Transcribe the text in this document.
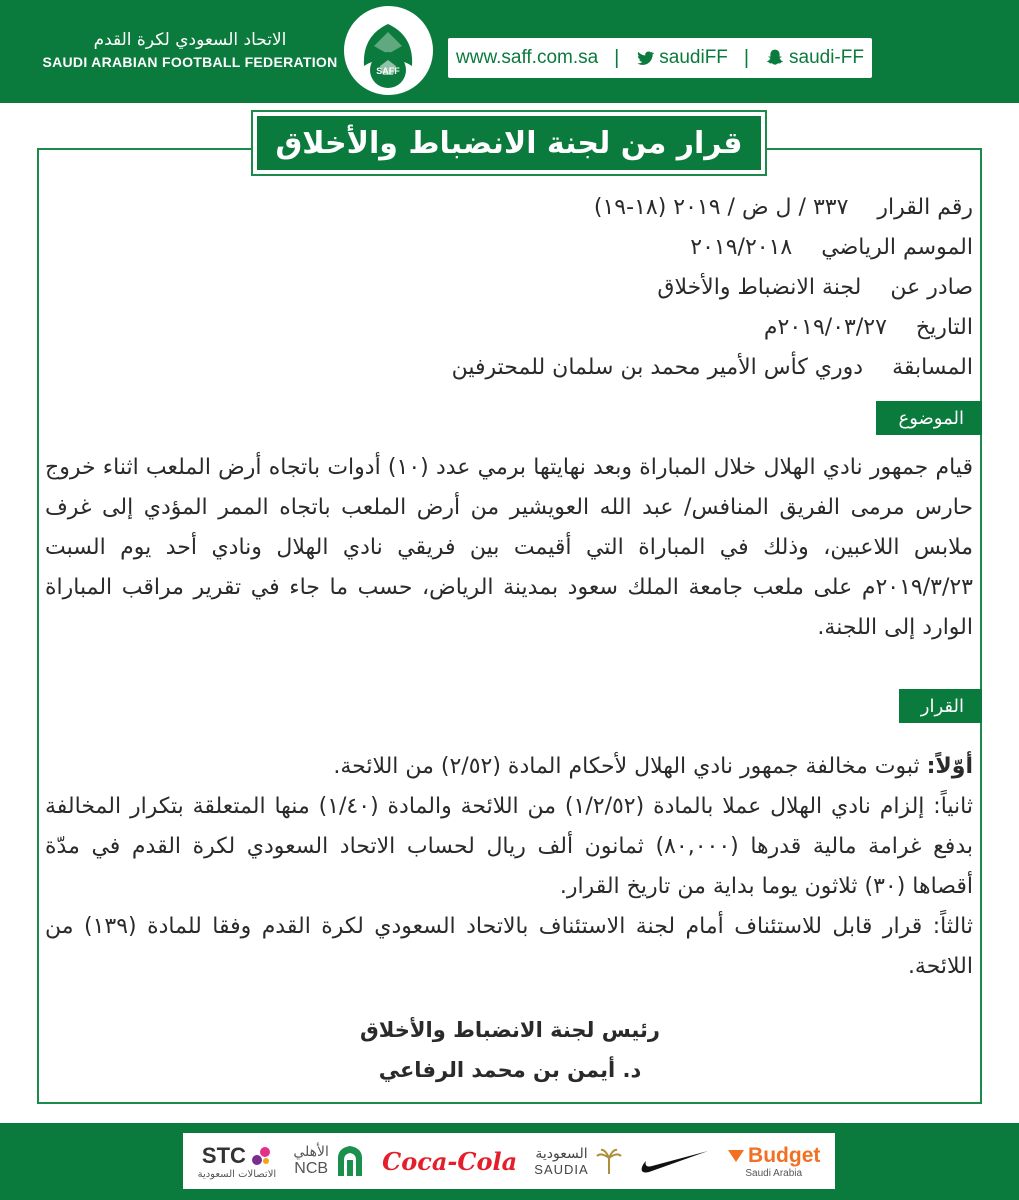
الاتحاد السعودي لكرة القدم
SAUDI ARABIAN FOOTBALL FEDERATION
SAFF
www.saff.com.sa | saudiFF | saudi-FF
قرار من لجنة الانضباط والأخلاق
رقم القرار ٣٣٧ / ل ض / ٢٠١٩ (١٨-١٩)
الموسم الرياضي ٢٠١٩/٢٠١٨
صادر عن لجنة الانضباط والأخلاق
التاريخ ٢٠١٩/٠٣/٢٧م
المسابقة دوري كأس الأمير محمد بن سلمان للمحترفين
الموضوع
قيام جمهور نادي الهلال خلال المباراة وبعد نهايتها برمي عدد (١٠) أدوات باتجاه أرض الملعب اثناء خروج حارس مرمى الفريق المنافس/ عبد الله العويشير من أرض الملعب باتجاه الممر المؤدي إلى غرف ملابس اللاعبين، وذلك في المباراة التي أقيمت بين فريقي نادي الهلال ونادي أحد يوم السبت ٢٠١٩/٣/٢٣م على ملعب جامعة الملك سعود بمدينة الرياض، حسب ما جاء في تقرير مراقب المباراة الوارد إلى اللجنة.
القرار

أوّلاً: ثبوت مخالفة جمهور نادي الهلال لأحكام المادة (٢/٥٢) من اللائحة.

ثانياً: إلزام نادي الهلال عملا بالمادة (١/٢/٥٢) من اللائحة والمادة (١/٤٠) منها المتعلقة بتكرار المخالفة بدفع غرامة مالية قدرها (٨٠,٠٠٠) ثمانون ألف ريال لحساب الاتحاد السعودي لكرة القدم في مدّة أقصاها (٣٠) ثلاثون يوما بداية من تاريخ القرار.

ثالثاً: قرار قابل للاستئناف أمام لجنة الاستئناف بالاتحاد السعودي لكرة القدم وفقا للمادة (١٣٩) من اللائحة.

رئيس لجنة الانضباط والأخلاق
د. أيمن بن محمد الرفاعي
STC
الاتصالات السعودية
الأهلي
NCB Coca-Cola السعودية
SAUDIA
Budget
Saudi Arabia
